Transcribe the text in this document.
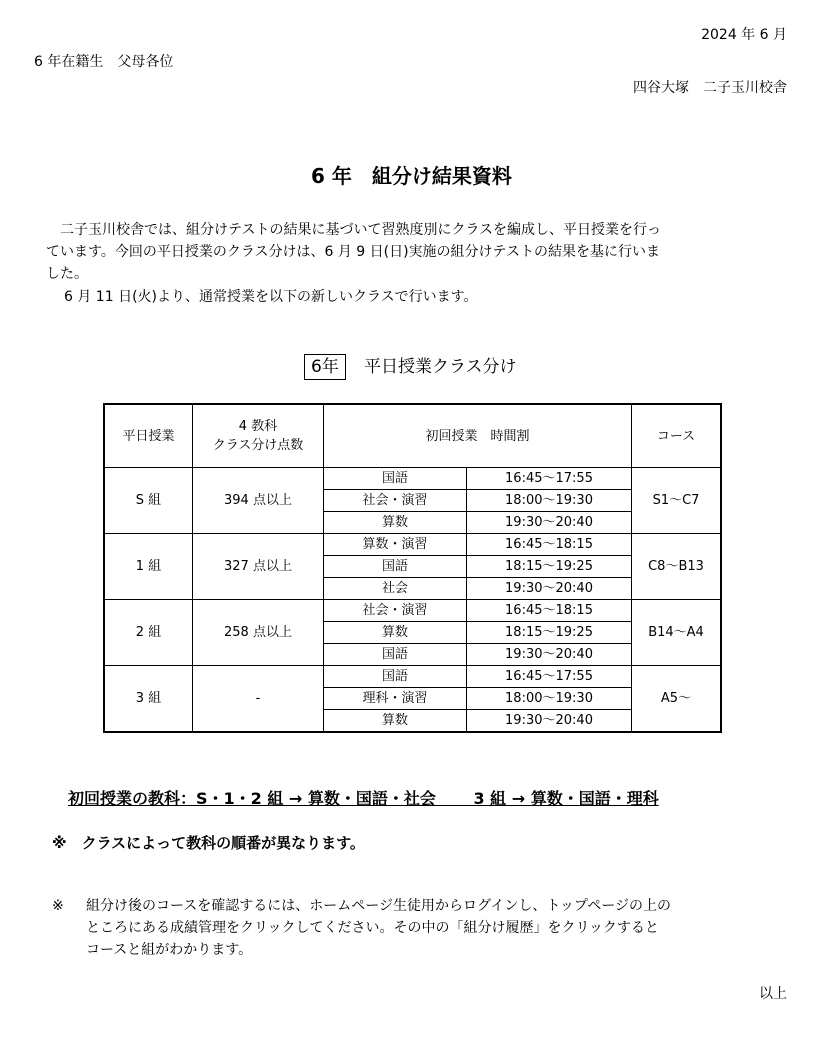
2024 年 6 月
6 年在籍生　父母各位
四谷大塚　二子玉川校舎
6 年　組分け結果資料
　二子玉川校舎では、組分けテストの結果に基づいて習熟度別にクラスを編成し、平日授業を行っ
ています。今回の平日授業のクラス分けは、6 月 9 日(日)実施の組分けテストの結果を基に行いま
した。
6 月 11 日(火)より、通常授業を以下の新しいクラスで行います。
6年	平日授業クラス分け
平日授業	4 教科
クラス分け点数	初回授業　時間割		コース
S 組	394 点以上	国語	16:45～17:55	S1～C7
		社会・演習	18:00～19:30	
		算数	19:30～20:40	
1 組	327 点以上	算数・演習	16:45～18:15	C8～B13
		国語	18:15～19:25	
		社会	19:30～20:40	
2 組	258 点以上	社会・演習	16:45～18:15	B14～A4
		算数	18:15～19:25	
		国語	19:30～20:40	
3 組	-	国語	16:45～17:55	A5～
		理科・演習	18:00～19:30	
		算数	19:30～20:40	
初回授業の教科：S・1・2 組 → 算数・国語・社会　　 3 組 → 算数・国語・理科
※　クラスによって教科の順番が異なります。
※ 組分け後のコースを確認するには、ホームページ生徒用からログインし、トップページの上の
ところにある成績管理をクリックしてください。その中の「組分け履歴」をクリックすると
コースと組がわかります。
以上
